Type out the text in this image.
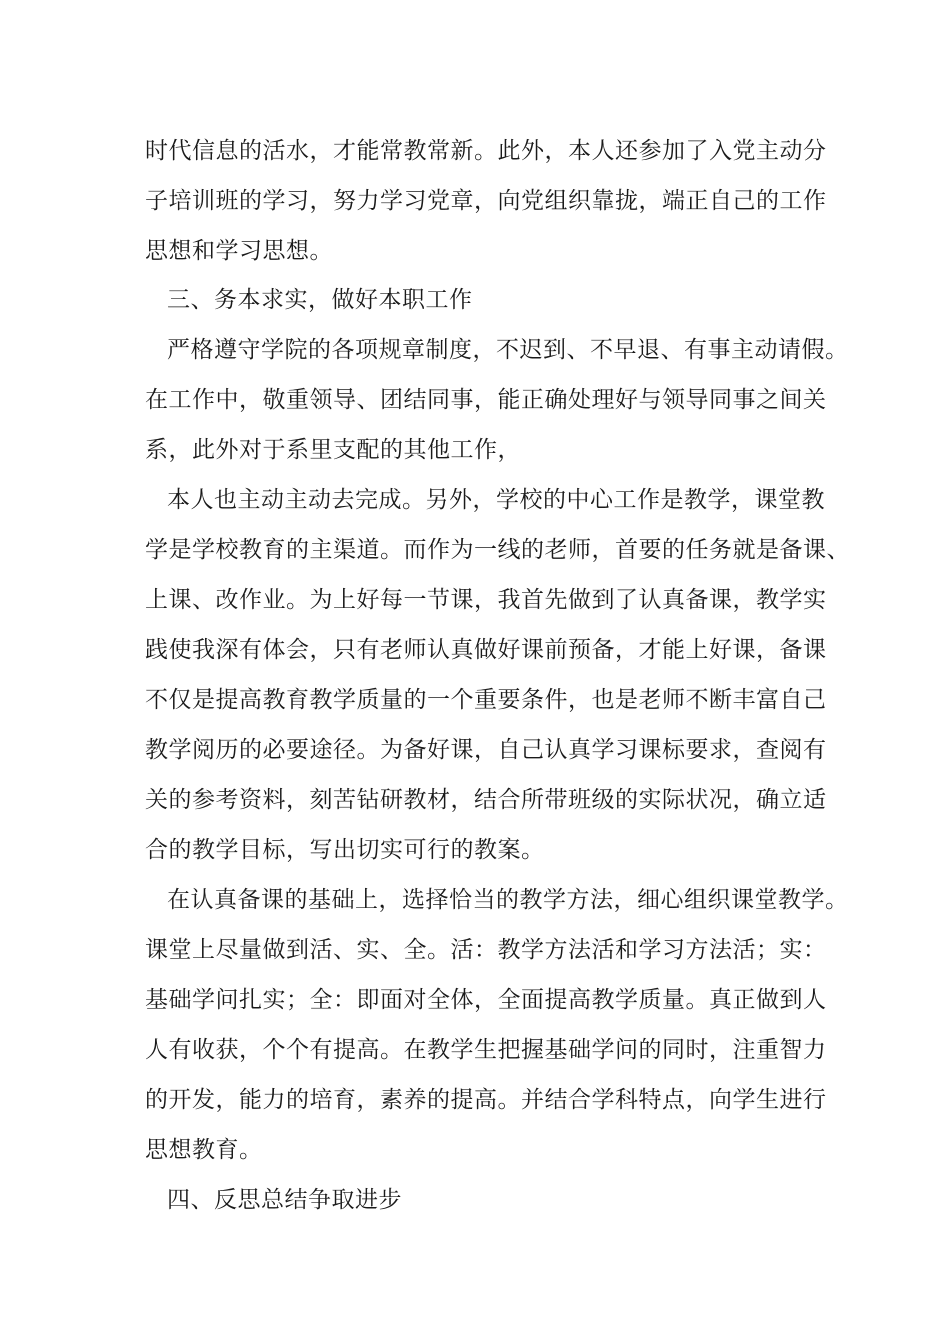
时代信息的活水，才能常教常新。此外，本人还参加了入党主动分
子培训班的学习，努力学习党章，向党组织靠拢，端正自己的工作
思想和学习思想。
三、务本求实，做好本职工作
严格遵守学院的各项规章制度，不迟到、不早退、有事主动请假。
在工作中，敬重领导、团结同事，能正确处理好与领导同事之间关
系，此外对于系里支配的其他工作，
本人也主动主动去完成。另外，学校的中心工作是教学，课堂教
学是学校教育的主渠道。而作为一线的老师，首要的任务就是备课、
上课、改作业。为上好每一节课，我首先做到了认真备课，教学实
践使我深有体会，只有老师认真做好课前预备，才能上好课，备课
不仅是提高教育教学质量的一个重要条件，也是老师不断丰富自己
教学阅历的必要途径。为备好课，自己认真学习课标要求，查阅有
关的参考资料，刻苦钻研教材，结合所带班级的实际状况，确立适
合的教学目标，写出切实可行的教案。
在认真备课的基础上，选择恰当的教学方法，细心组织课堂教学。
课堂上尽量做到活、实、全。活：教学方法活和学习方法活；实：
基础学问扎实；全：即面对全体，全面提高教学质量。真正做到人
人有收获，个个有提高。在教学生把握基础学问的同时，注重智力
的开发，能力的培育，素养的提高。并结合学科特点，向学生进行
思想教育。
四、反思总结争取进步
